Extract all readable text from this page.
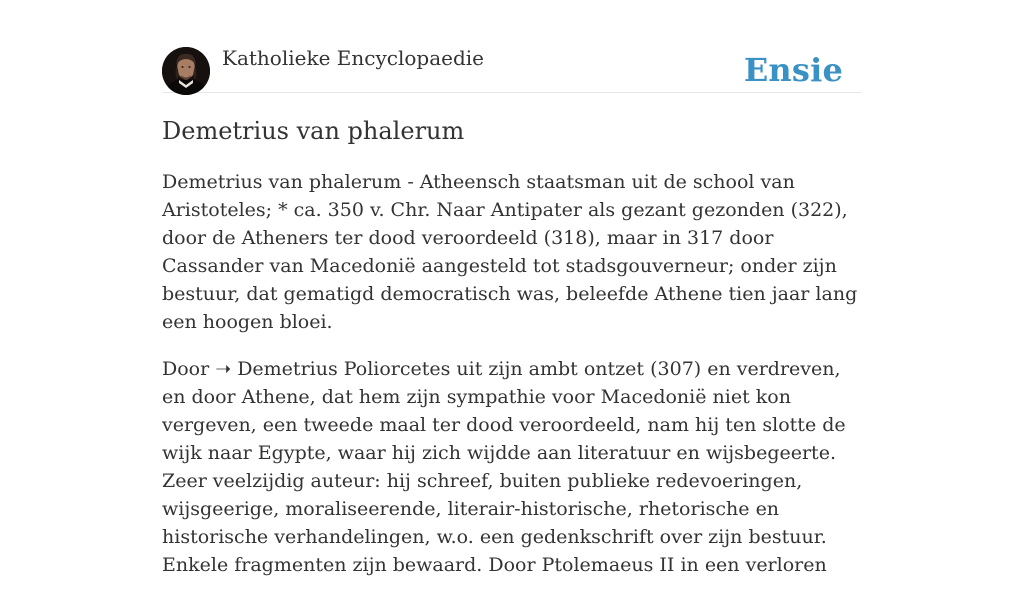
Katholieke Encyclopaedie	Ensie
Demetrius van phalerum

Demetrius van phalerum - Atheensch staatsman uit de school van Aristoteles; * ca. 350 v. Chr. Naar Antipater als gezant gezonden (322), door de Atheners ter dood veroordeeld (318), maar in 317 door Cassander van Macedonië aangesteld tot stadsgouverneur; onder zijn bestuur, dat gematigd democratisch was, beleefde Athene tien jaar lang een hoogen bloei.

Door ➝ Demetrius Poliorcetes uit zijn ambt ontzet (307) en verdreven, en door Athene, dat hem zijn sympathie voor Macedonië niet kon vergeven, een tweede maal ter dood veroordeeld, nam hij ten slotte de wijk naar Egypte, waar hij zich wijdde aan literatuur en wijsbegeerte. Zeer veelzijdig auteur: hij schreef, buiten publieke redevoeringen, wijsgeerige, moraliseerende, literair-historische, rhetorische en historische verhandelingen, w.o. een gedenkschrift over zijn bestuur. Enkele fragmenten zijn bewaard. Door Ptolemaeus II in een verloren
